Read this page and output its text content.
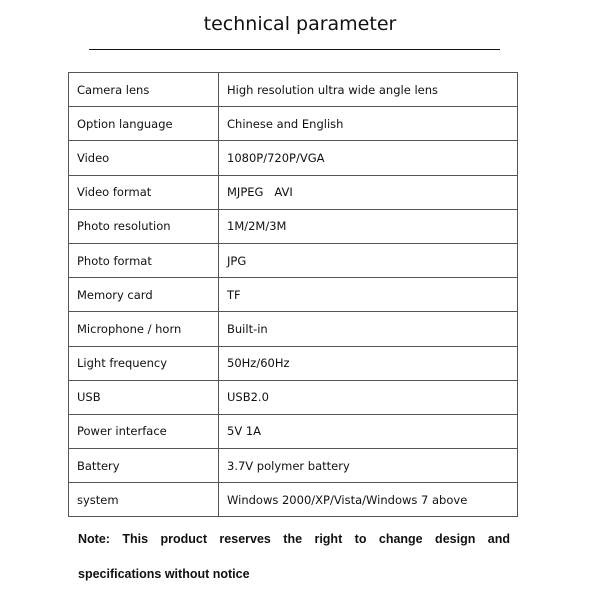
technical parameter
Camera lens	High resolution ultra wide angle lens
Option language	Chinese and English
Video	1080P/720P/VGA
Video format	MJPEG   AVI
Photo resolution	1M/2M/3M
Photo format	JPG
Memory card	TF
Microphone / horn	Built-in
Light frequency	50Hz/60Hz
USB	USB2.0
Power interface	5V 1A
Battery	3.7V polymer battery
system	Windows 2000/XP/Vista/Windows 7 above
Note: This product reserves the right to change design and
specifications without notice
